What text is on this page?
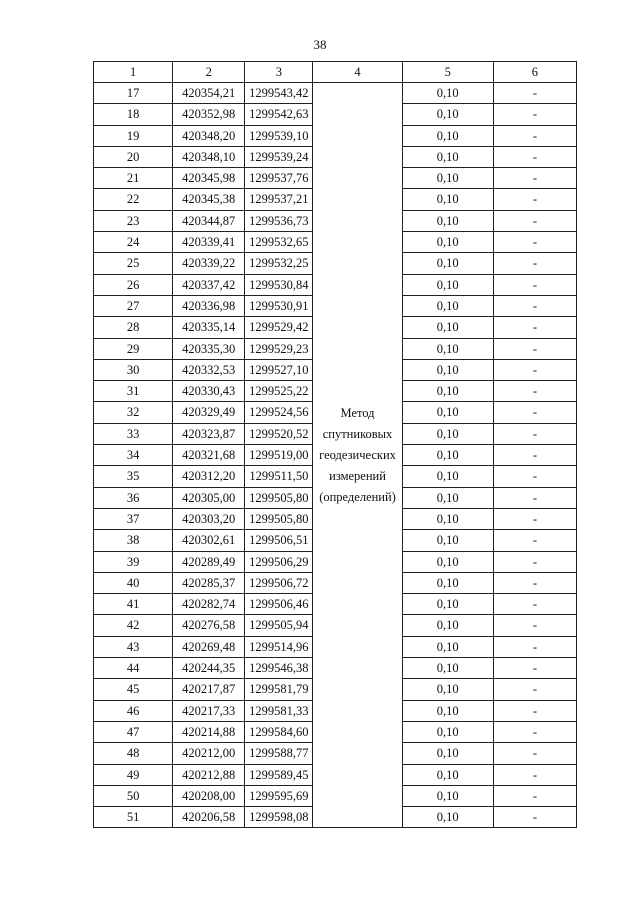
38
1	2	3	4	5	6
17	420354,21	1299543,42	Метод спутниковых геодезических измерений (определений)	0,10	-
18	420352,98	1299542,63		0,10	-
19	420348,20	1299539,10		0,10	-
20	420348,10	1299539,24		0,10	-
21	420345,98	1299537,76		0,10	-
22	420345,38	1299537,21		0,10	-
23	420344,87	1299536,73		0,10	-
24	420339,41	1299532,65		0,10	-
25	420339,22	1299532,25		0,10	-
26	420337,42	1299530,84		0,10	-
27	420336,98	1299530,91		0,10	-
28	420335,14	1299529,42		0,10	-
29	420335,30	1299529,23		0,10	-
30	420332,53	1299527,10		0,10	-
31	420330,43	1299525,22		0,10	-
32	420329,49	1299524,56		0,10	-
33	420323,87	1299520,52		0,10	-
34	420321,68	1299519,00		0,10	-
35	420312,20	1299511,50		0,10	-
36	420305,00	1299505,80		0,10	-
37	420303,20	1299505,80		0,10	-
38	420302,61	1299506,51		0,10	-
39	420289,49	1299506,29		0,10	-
40	420285,37	1299506,72		0,10	-
41	420282,74	1299506,46		0,10	-
42	420276,58	1299505,94		0,10	-
43	420269,48	1299514,96		0,10	-
44	420244,35	1299546,38		0,10	-
45	420217,87	1299581,79		0,10	-
46	420217,33	1299581,33		0,10	-
47	420214,88	1299584,60		0,10	-
48	420212,00	1299588,77		0,10	-
49	420212,88	1299589,45		0,10	-
50	420208,00	1299595,69		0,10	-
51	420206,58	1299598,08		0,10	-
